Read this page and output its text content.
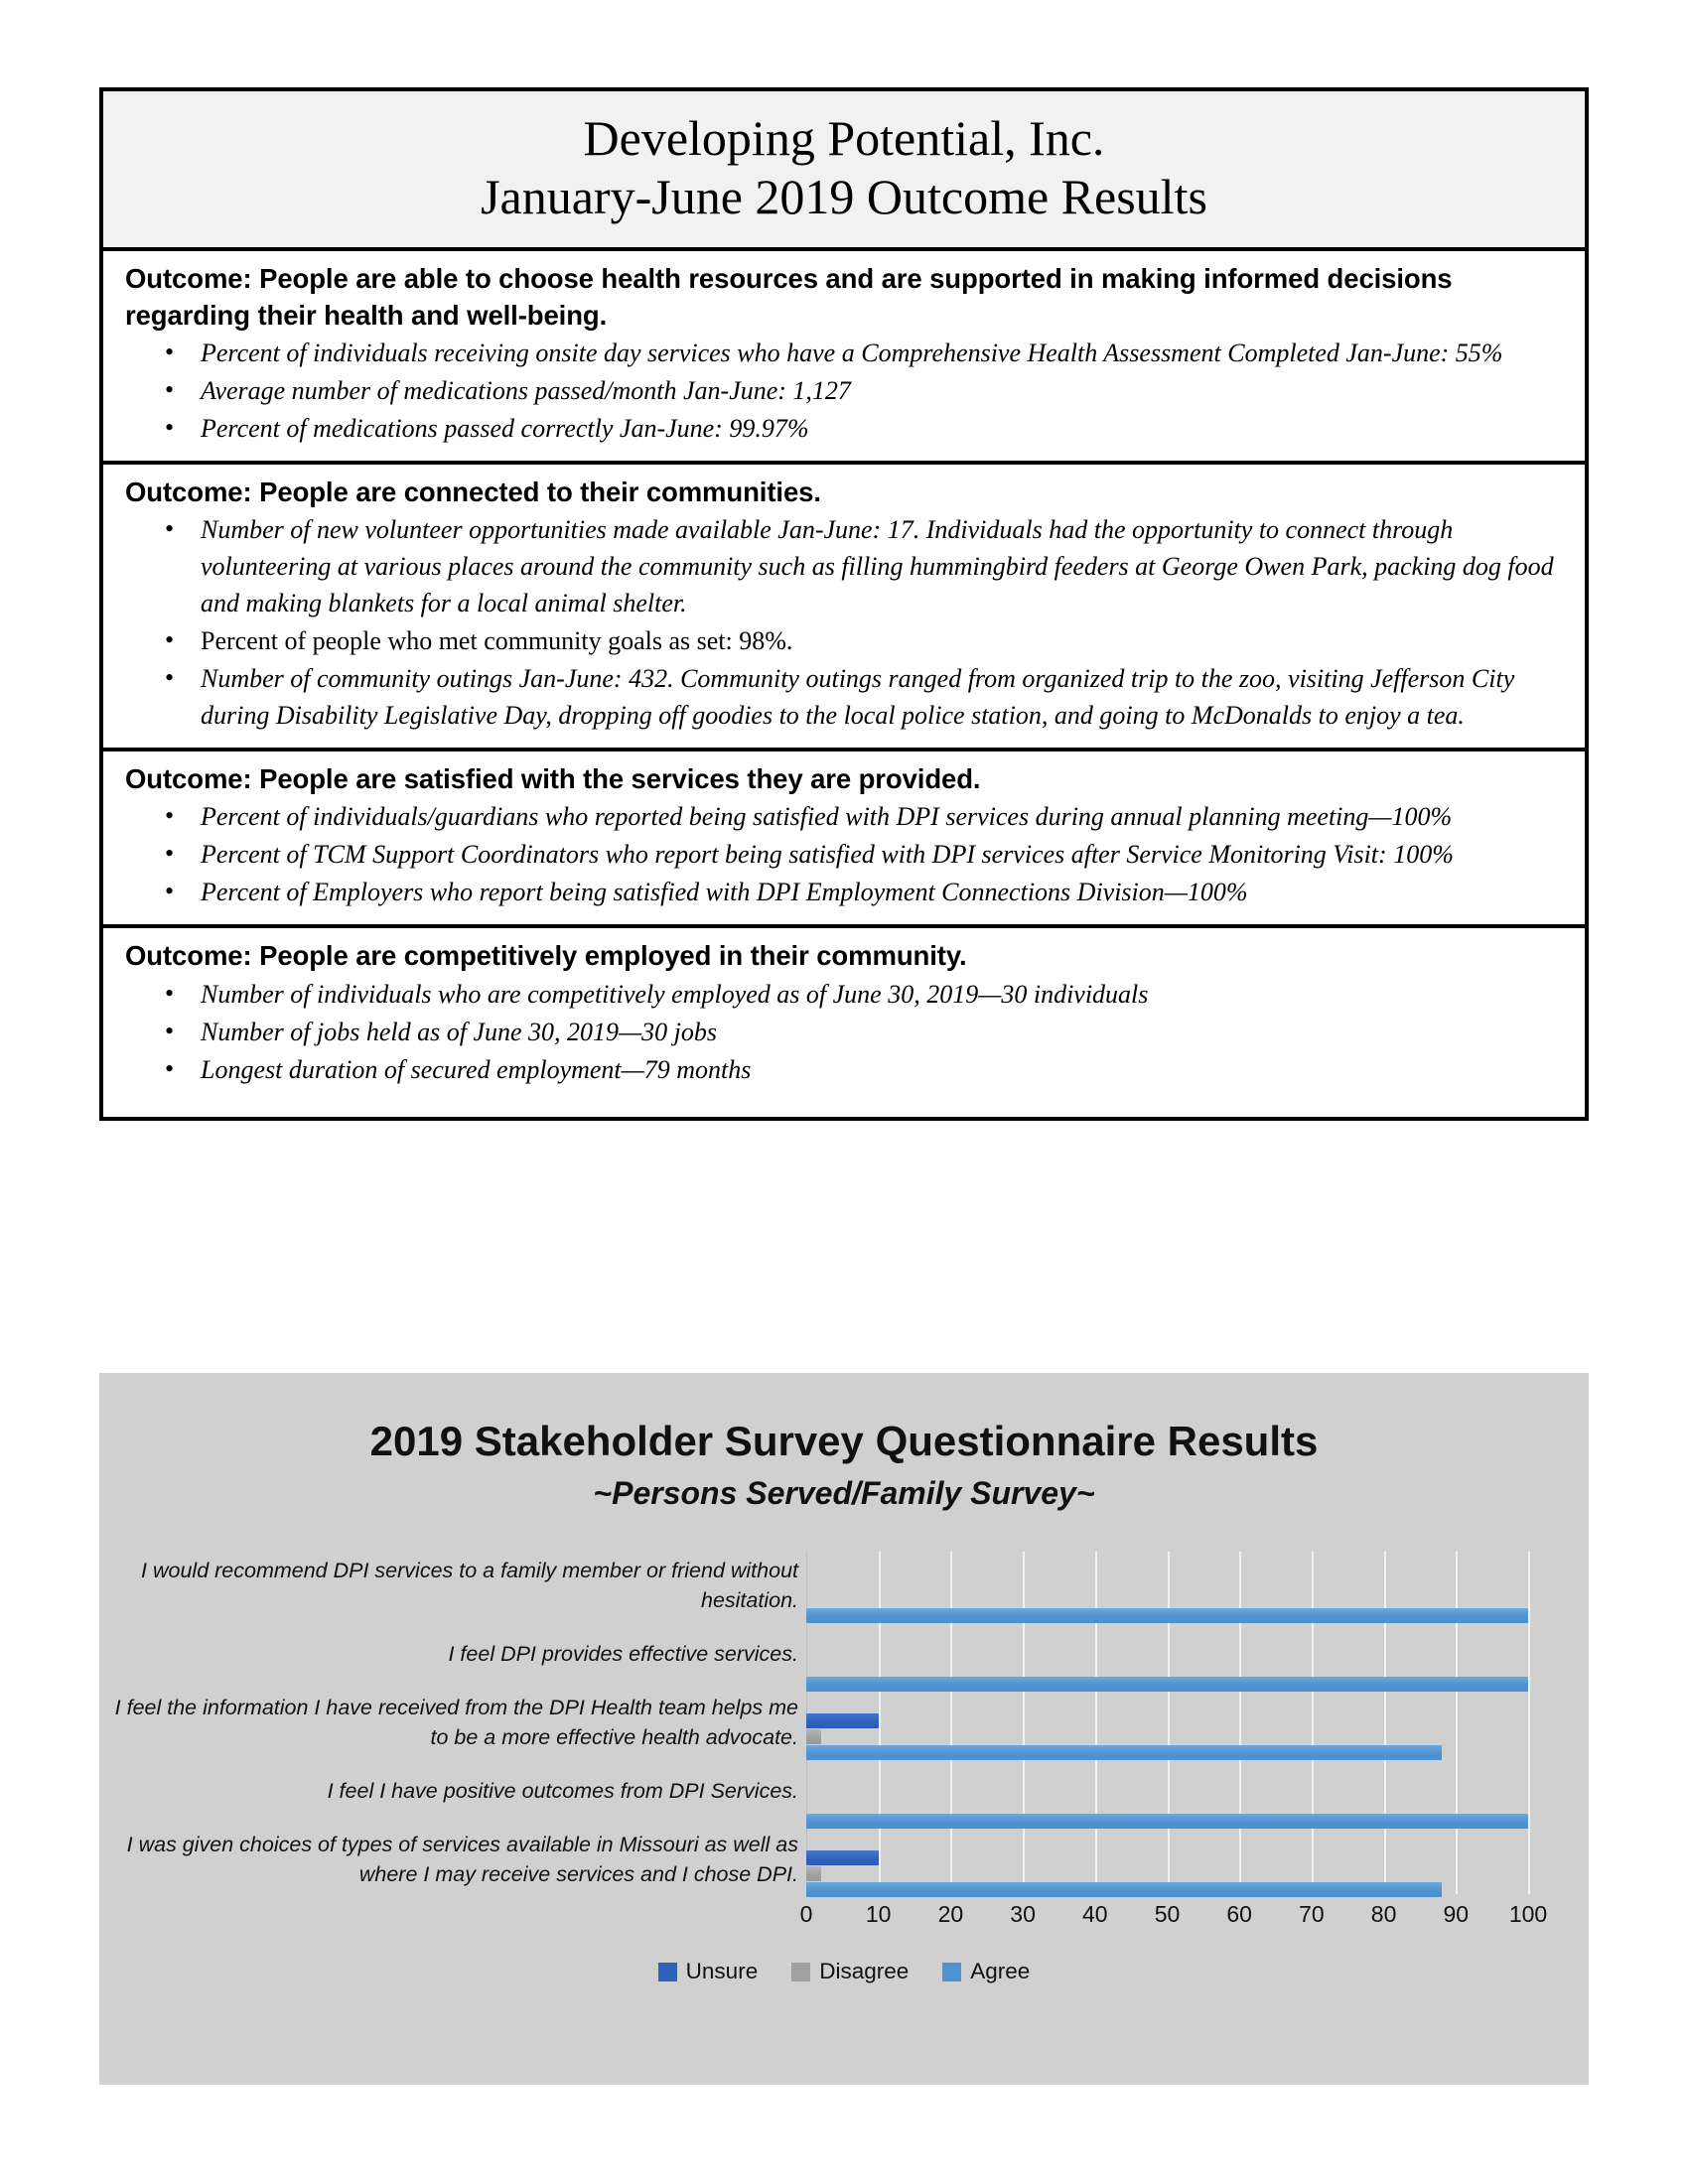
Developing Potential, Inc.
January-June 2019 Outcome Results

Outcome: People are able to choose health resources and are supported in making informed decisions regarding their health and well-being.

• Percent of individuals receiving onsite day services who have a Comprehensive Health Assessment Completed Jan-June: 55%
• Average number of medications passed/month Jan-June: 1,127
• Percent of medications passed correctly Jan-June: 99.97%

Outcome: People are connected to their communities.

• Number of new volunteer opportunities made available Jan-June: 17. Individuals had the opportunity to connect through volunteering at various places around the community such as filling hummingbird feeders at George Owen Park, packing dog food and making blankets for a local animal shelter.
• Percent of people who met community goals as set: 98%.
• Number of community outings Jan-June: 432. Community outings ranged from organized trip to the zoo, visiting Jefferson City during Disability Legislative Day, dropping off goodies to the local police station, and going to McDonalds to enjoy a tea.

Outcome: People are satisfied with the services they are provided.

• Percent of individuals/guardians who reported being satisfied with DPI services during annual planning meeting—100%
• Percent of TCM Support Coordinators who report being satisfied with DPI services after Service Monitoring Visit: 100%
• Percent of Employers who report being satisfied with DPI Employment Connections Division—100%

Outcome: People are competitively employed in their community.

• Number of individuals who are competitively employed as of June 30, 2019—30 individuals
• Number of jobs held as of June 30, 2019—30 jobs
• Longest duration of secured employment—79 months
2019 Stakeholder Survey Questionnaire Results
~Persons Served/Family Survey~
I would recommend DPI services to a family member or friend without hesitation.
I feel DPI provides effective services.
I feel the information I have received from the DPI Health team helps me to be a more effective health advocate.
I feel I have positive outcomes from DPI Services.
I was given choices of types of services available in Missouri as well as where I may receive services and I chose DPI.
0 10 20 30 40 50 60 70 80 90 100
Unsure	Disagree	Agree
